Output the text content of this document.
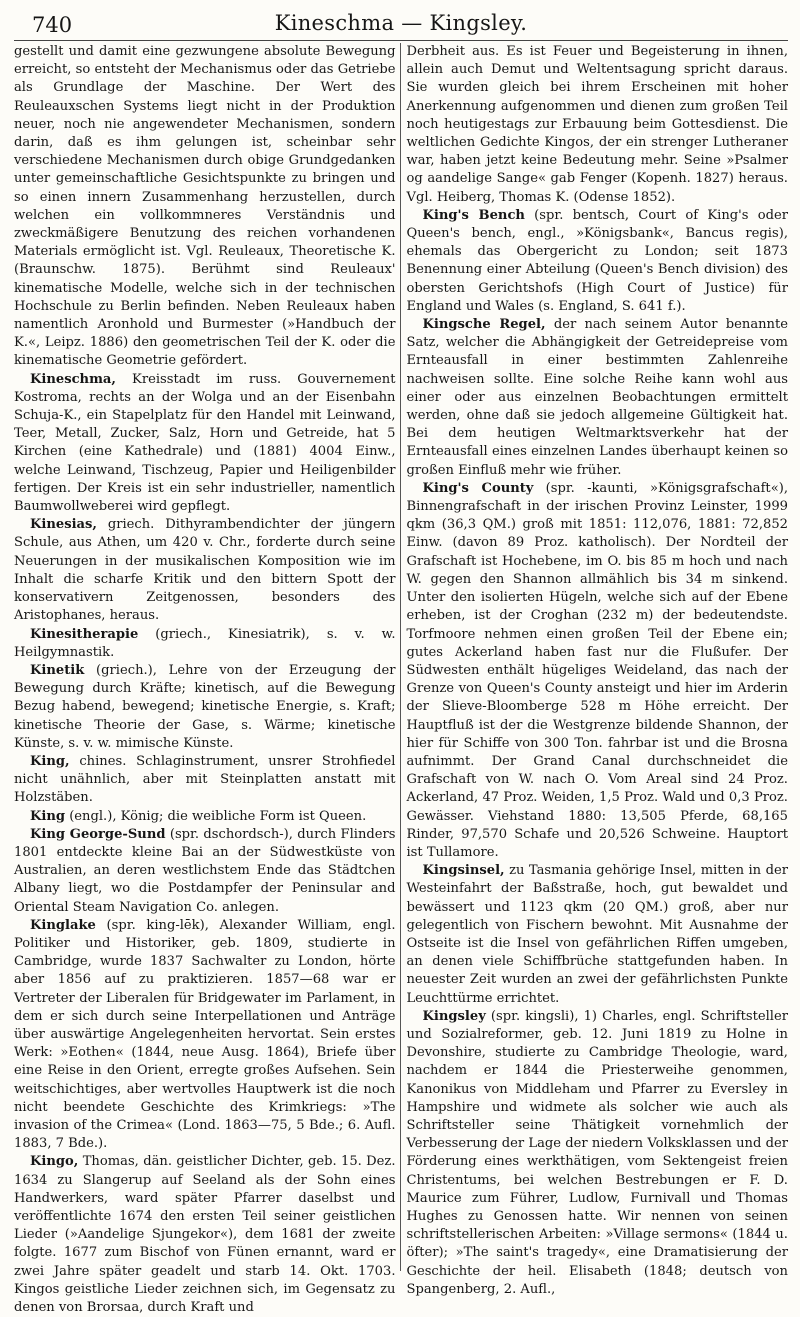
740	Kineschma — Kingsley.

gestellt und damit eine gezwungene absolute Bewegung erreicht, so entsteht der Mechanismus oder das Getriebe als Grundlage der Maschine. Der Wert des Reuleauxschen Systems liegt nicht in der Produktion neuer, noch nie angewendeter Mechanismen, sondern darin, daß es ihm gelungen ist, scheinbar sehr verschiedene Mechanismen durch obige Grundgedanken unter gemeinschaftliche Gesichtspunkte zu bringen und so einen innern Zusammenhang herzustellen, durch welchen ein vollkommneres Verständnis und zweckmäßigere Benutzung des reichen vorhandenen Materials ermöglicht ist. Vgl. Reuleaux, Theoretische K. (Braunschw. 1875). Berühmt sind Reuleaux' kinematische Modelle, welche sich in der technischen Hochschule zu Berlin befinden. Neben Reuleaux haben namentlich Aronhold und Burmester (»Handbuch der K.«, Leipz. 1886) den geometrischen Teil der K. oder die kinematische Geometrie gefördert.

Kineschma, Kreisstadt im russ. Gouvernement Kostroma, rechts an der Wolga und an der Eisenbahn Schuja-K., ein Stapelplatz für den Handel mit Leinwand, Teer, Metall, Zucker, Salz, Horn und Getreide, hat 5 Kirchen (eine Kathedrale) und (1881) 4004 Einw., welche Leinwand, Tischzeug, Papier und Heiligenbilder fertigen. Der Kreis ist ein sehr industrieller, namentlich Baumwollweberei wird gepflegt.

Kinesias, griech. Dithyrambendichter der jüngern Schule, aus Athen, um 420 v. Chr., forderte durch seine Neuerungen in der musikalischen Komposition wie im Inhalt die scharfe Kritik und den bittern Spott der konservativern Zeitgenossen, besonders des Aristophanes, heraus.

Kinesitherapie (griech., Kinesiatrik), s. v. w. Heilgymnastik.

Kinetik (griech.), Lehre von der Erzeugung der Bewegung durch Kräfte; kinetisch, auf die Bewegung Bezug habend, bewegend; kinetische Energie, s. Kraft; kinetische Theorie der Gase, s. Wärme; kinetische Künste, s. v. w. mimische Künste.

King, chines. Schlaginstrument, unsrer Strohfiedel nicht unähnlich, aber mit Steinplatten anstatt mit Holzstäben.

King (engl.), König; die weibliche Form ist Queen.

King George-Sund (spr. dschordsch-), durch Flinders 1801 entdeckte kleine Bai an der Südwestküste von Australien, an deren westlichstem Ende das Städtchen Albany liegt, wo die Postdampfer der Peninsular and Oriental Steam Navigation Co. anlegen.

Kinglake (spr. king-lēk), Alexander William, engl. Politiker und Historiker, geb. 1809, studierte in Cambridge, wurde 1837 Sachwalter zu London, hörte aber 1856 auf zu praktizieren. 1857—68 war er Vertreter der Liberalen für Bridgewater im Parlament, in dem er sich durch seine Interpellationen und Anträge über auswärtige Angelegenheiten hervortat. Sein erstes Werk: »Eothen« (1844, neue Ausg. 1864), Briefe über eine Reise in den Orient, erregte großes Aufsehen. Sein weitschichtiges, aber wertvolles Hauptwerk ist die noch nicht beendete Geschichte des Krimkriegs: »The invasion of the Crimea« (Lond. 1863—75, 5 Bde.; 6. Aufl. 1883, 7 Bde.).

Kingo, Thomas, dän. geistlicher Dichter, geb. 15. Dez. 1634 zu Slangerup auf Seeland als der Sohn eines Handwerkers, ward später Pfarrer daselbst und veröffentlichte 1674 den ersten Teil seiner geistlichen Lieder (»Aandelige Sjungekor«), dem 1681 der zweite folgte. 1677 zum Bischof von Fünen ernannt, ward er zwei Jahre später geadelt und starb 14. Okt. 1703. Kingos geistliche Lieder zeichnen sich, im Gegensatz zu denen von Brorsaa, durch Kraft und

Derbheit aus. Es ist Feuer und Begeisterung in ihnen, allein auch Demut und Weltentsagung spricht daraus. Sie wurden gleich bei ihrem Erscheinen mit hoher Anerkennung aufgenommen und dienen zum großen Teil noch heutigestags zur Erbauung beim Gottesdienst. Die weltlichen Gedichte Kingos, der ein strenger Lutheraner war, haben jetzt keine Bedeutung mehr. Seine »Psalmer og aandelige Sange« gab Fenger (Kopenh. 1827) heraus. Vgl. Heiberg, Thomas K. (Odense 1852).

King's Bench (spr. bentsch, Court of King's oder Queen's bench, engl., »Königsbank«, Bancus regis), ehemals das Obergericht zu London; seit 1873 Benennung einer Abteilung (Queen's Bench division) des obersten Gerichtshofs (High Court of Justice) für England und Wales (s. England, S. 641 f.).

Kingsche Regel, der nach seinem Autor benannte Satz, welcher die Abhängigkeit der Getreidepreise vom Ernteausfall in einer bestimmten Zahlenreihe nachweisen sollte. Eine solche Reihe kann wohl aus einer oder aus einzelnen Beobachtungen ermittelt werden, ohne daß sie jedoch allgemeine Gültigkeit hat. Bei dem heutigen Weltmarktsverkehr hat der Ernteausfall eines einzelnen Landes überhaupt keinen so großen Einfluß mehr wie früher.

King's County (spr. -kaunti, »Königsgrafschaft«), Binnengrafschaft in der irischen Provinz Leinster, 1999 qkm (36,3 QM.) groß mit 1851: 112,076, 1881: 72,852 Einw. (davon 89 Proz. katholisch). Der Nordteil der Grafschaft ist Hochebene, im O. bis 85 m hoch und nach W. gegen den Shannon allmählich bis 34 m sinkend. Unter den isolierten Hügeln, welche sich auf der Ebene erheben, ist der Croghan (232 m) der bedeutendste. Torfmoore nehmen einen großen Teil der Ebene ein; gutes Ackerland haben fast nur die Flußufer. Der Südwesten enthält hügeliges Weideland, das nach der Grenze von Queen's County ansteigt und hier im Arderin der Slieve-Bloomberge 528 m Höhe erreicht. Der Hauptfluß ist der die Westgrenze bildende Shannon, der hier für Schiffe von 300 Ton. fahrbar ist und die Brosna aufnimmt. Der Grand Canal durchschneidet die Grafschaft von W. nach O. Vom Areal sind 24 Proz. Ackerland, 47 Proz. Weiden, 1,5 Proz. Wald und 0,3 Proz. Gewässer. Viehstand 1880: 13,505 Pferde, 68,165 Rinder, 97,570 Schafe und 20,526 Schweine. Hauptort ist Tullamore.

Kingsinsel, zu Tasmania gehörige Insel, mitten in der Westeinfahrt der Baßstraße, hoch, gut bewaldet und bewässert und 1123 qkm (20 QM.) groß, aber nur gelegentlich von Fischern bewohnt. Mit Ausnahme der Ostseite ist die Insel von gefährlichen Riffen umgeben, an denen viele Schiffbrüche stattgefunden haben. In neuester Zeit wurden an zwei der gefährlichsten Punkte Leuchttürme errichtet.

Kingsley (spr. kingsli), 1) Charles, engl. Schriftsteller und Sozialreformer, geb. 12. Juni 1819 zu Holne in Devonshire, studierte zu Cambridge Theologie, ward, nachdem er 1844 die Priesterweihe genommen, Kanonikus von Middleham und Pfarrer zu Eversley in Hampshire und widmete als solcher wie auch als Schriftsteller seine Thätigkeit vornehmlich der Verbesserung der Lage der niedern Volksklassen und der Förderung eines werkthätigen, vom Sektengeist freien Christentums, bei welchen Bestrebungen er F. D. Maurice zum Führer, Ludlow, Furnivall und Thomas Hughes zu Genossen hatte. Wir nennen von seinen schriftstellerischen Arbeiten: »Village sermons« (1844 u. öfter); »The saint's tragedy«, eine Dramatisierung der Geschichte der heil. Elisabeth (1848; deutsch von Spangenberg, 2. Aufl.,
